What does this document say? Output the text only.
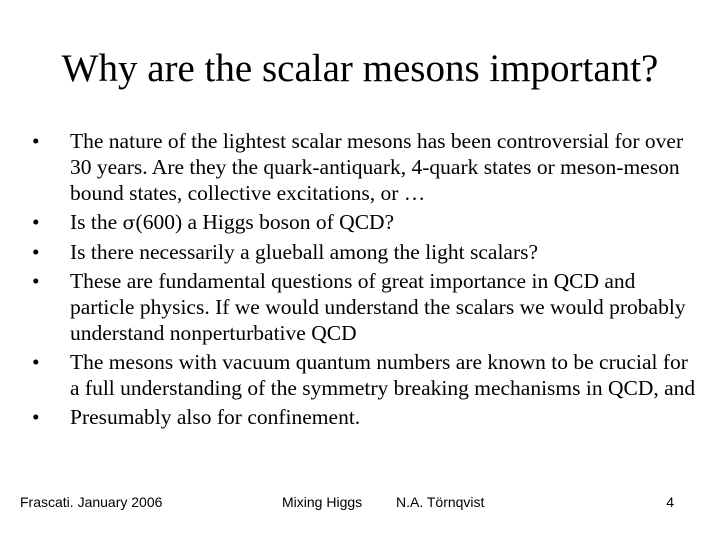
Why are the scalar mesons important?
•	The nature of the lightest scalar mesons has been controversial for over 30 years. Are they the quark-antiquark, 4-quark states or meson-meson bound states, collective excitations, or …
•	Is the σ(600) a Higgs boson of QCD?
•	Is there necessarily a glueball among the light scalars?
•	These are fundamental questions of great importance in QCD and particle physics. If we would understand the scalars we would probably understand nonperturbative QCD
•	The mesons with vacuum quantum numbers are known to be crucial for a full understanding of the symmetry breaking mechanisms in QCD, and
•	Presumably also for confinement.
Frascati. January 2006	Mixing Higgs N.A. Törnqvist	4
